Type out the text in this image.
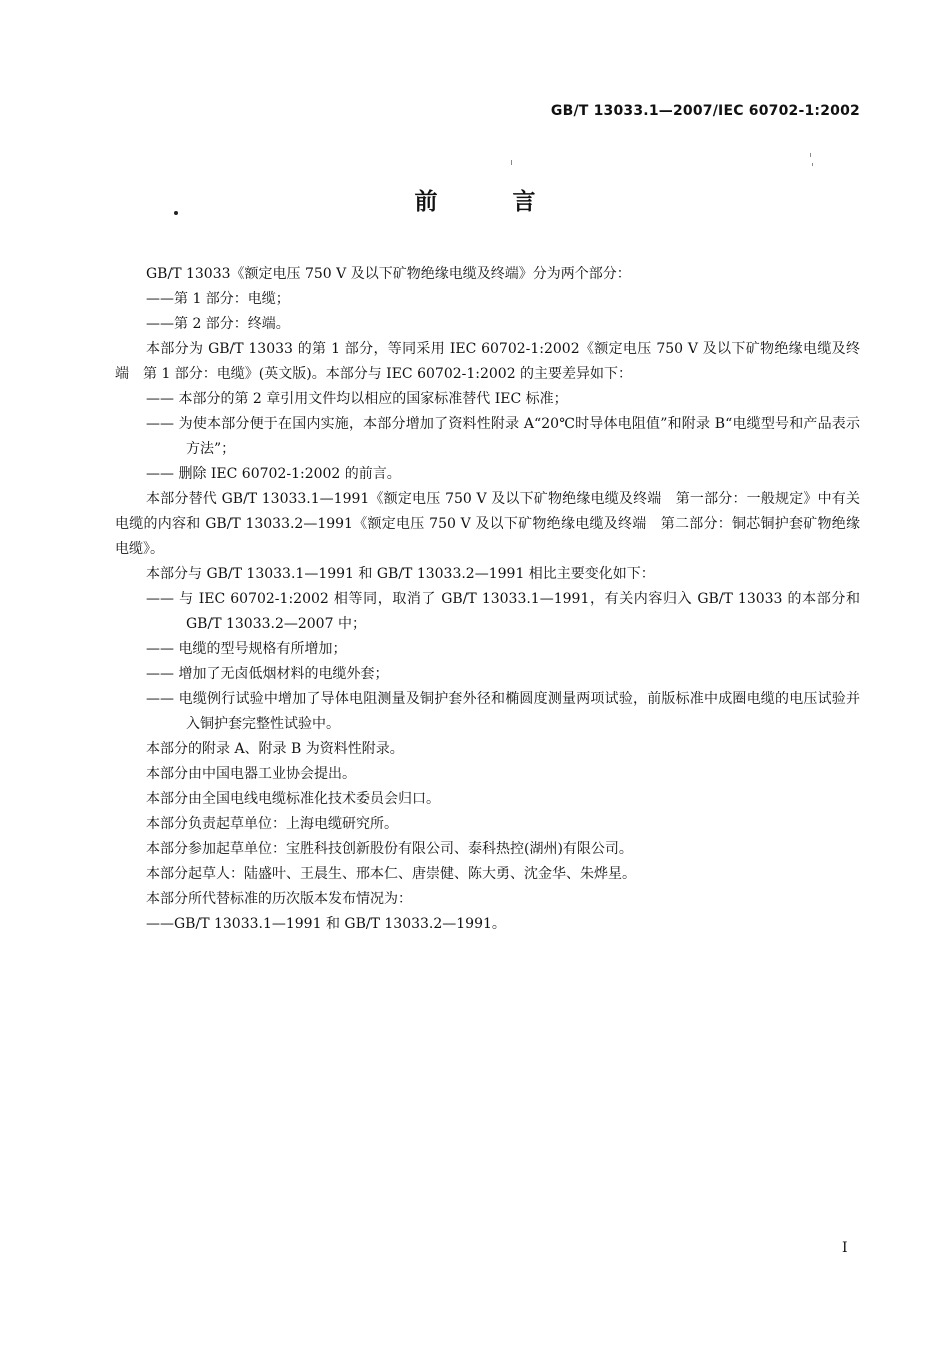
GB/T 13033.1—2007/IEC 60702-1:2002
前　言

GB/T 13033《额定电压 750 V 及以下矿物绝缘电缆及终端》分为两个部分：

——第 1 部分：电缆；

——第 2 部分：终端。

本部分为 GB/T 13033 的第 1 部分，等同采用 IEC 60702-1:2002《额定电压 750 V 及以下矿物绝缘电缆及终端　第 1 部分：电缆》(英文版)。本部分与 IEC 60702-1:2002 的主要差异如下：

—— 本部分的第 2 章引用文件均以相应的国家标准替代 IEC 标准；

—— 为使本部分便于在国内实施，本部分增加了资料性附录 A“20℃时导体电阻值”和附录 B“电缆型号和产品表示方法”；

—— 删除 IEC 60702-1:2002 的前言。

本部分替代 GB/T 13033.1—1991《额定电压 750 V 及以下矿物绝缘电缆及终端　第一部分：一般规定》中有关电缆的内容和 GB/T 13033.2—1991《额定电压 750 V 及以下矿物绝缘电缆及终端　第二部分：铜芯铜护套矿物绝缘电缆》。

本部分与 GB/T 13033.1—1991 和 GB/T 13033.2—1991 相比主要变化如下：

—— 与 IEC 60702-1:2002 相等同，取消了 GB/T 13033.1—1991，有关内容归入 GB/T 13033 的本部分和 GB/T 13033.2—2007 中；

—— 电缆的型号规格有所增加；

—— 增加了无卤低烟材料的电缆外套；

—— 电缆例行试验中增加了导体电阻测量及铜护套外径和椭圆度测量两项试验，前版标准中成圈电缆的电压试验并入铜护套完整性试验中。

本部分的附录 A、附录 B 为资料性附录。

本部分由中国电器工业协会提出。

本部分由全国电线电缆标准化技术委员会归口。

本部分负责起草单位：上海电缆研究所。

本部分参加起草单位：宝胜科技创新股份有限公司、泰科热控(湖州)有限公司。

本部分起草人：陆盛叶、王晨生、邢本仁、唐崇健、陈大勇、沈金华、朱烨星。

本部分所代替标准的历次版本发布情况为：

——GB/T 13033.1—1991 和 GB/T 13033.2—1991。

I
